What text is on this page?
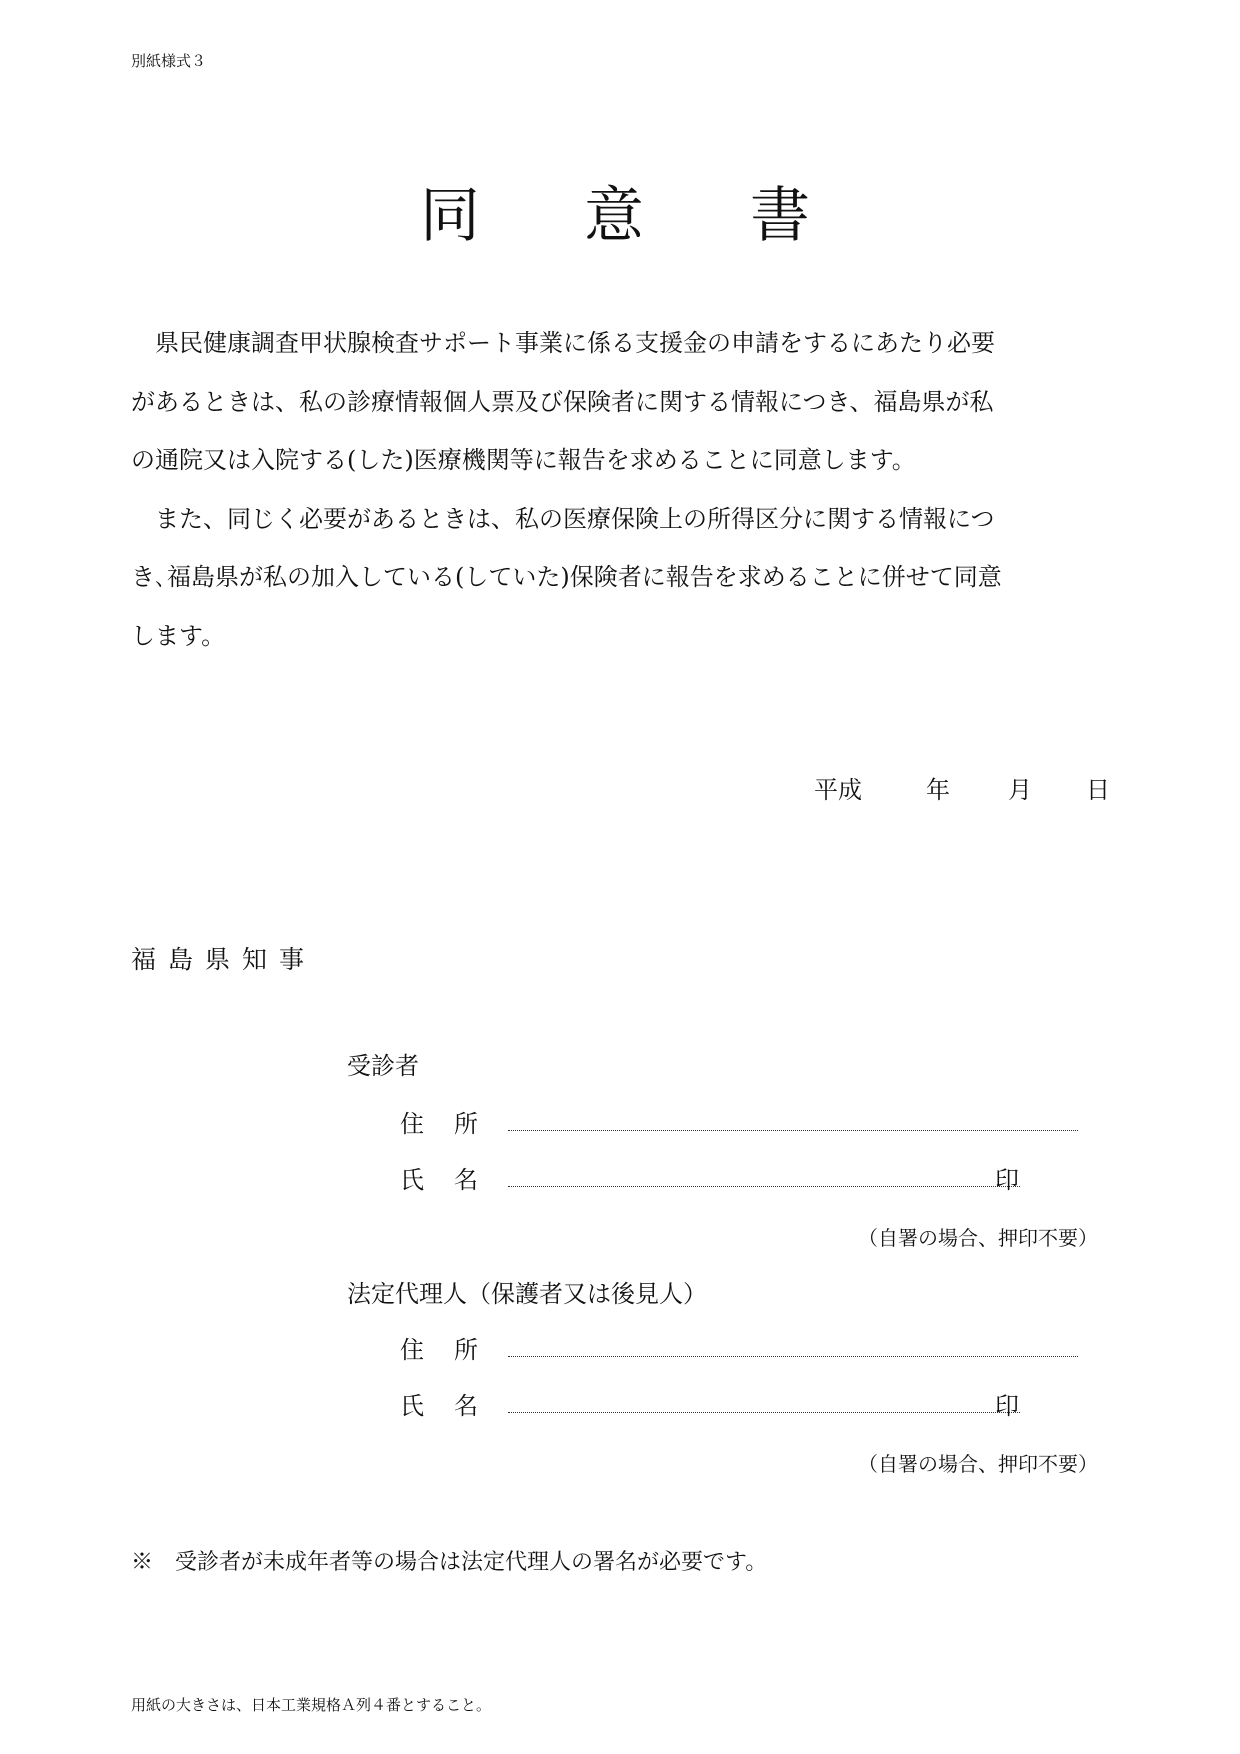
別紙様式３
同 意 書

県民健康調査甲状腺検査サポート事業に係る支援金の申請をするにあたり必要
があるときは、私の診療情報個人票及び保険者に関する情報につき、福島県が私
の通院又は入院する(した)医療機関等に報告を求めることに同意します。

また、同じく必要があるときは、私の医療保険上の所得区分に関する情報につ
き､福島県が私の加入している(していた)保険者に報告を求めることに併せて同意
します。

平成	年 月 日
福島県知事
受診者
住 所
氏 名	印
（自署の場合、押印不要）
法定代理人（保護者又は後見人）
住 所
氏 名	印
（自署の場合、押印不要）
※　受診者が未成年者等の場合は法定代理人の署名が必要です。
用紙の大きさは、日本工業規格Ａ列４番とすること。
